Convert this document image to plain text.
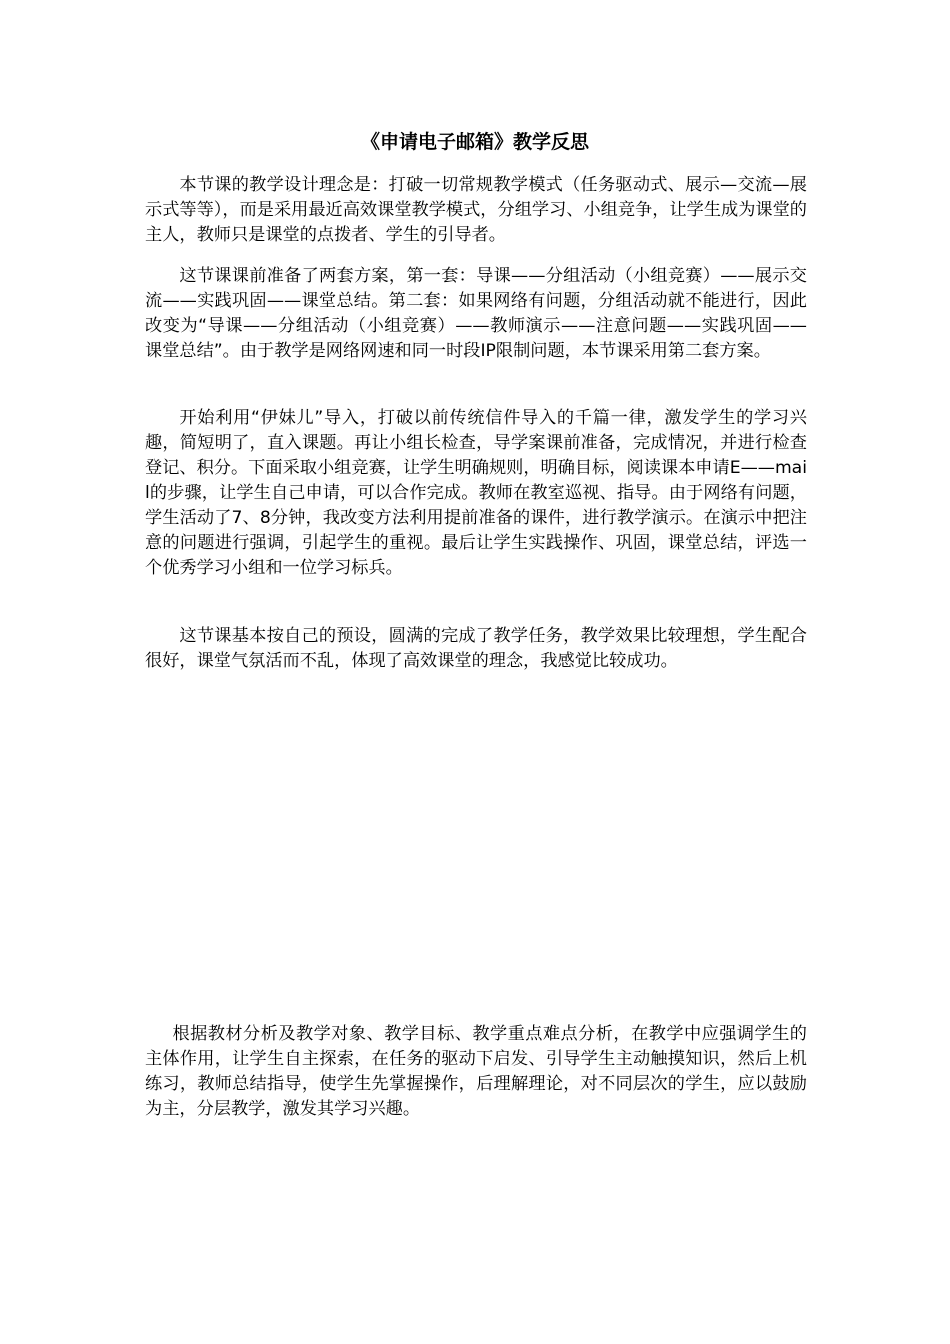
《申请电子邮箱》教学反思

本节课的教学设计理念是：打破一切常规教学模式（任务驱动式、展示—交流—展示式等等），而是采用最近高效课堂教学模式，分组学习、小组竞争，让学生成为课堂的主人，教师只是课堂的点拨者、学生的引导者。

这节课课前准备了两套方案，第一套：导课——分组活动（小组竞赛）——展示交流——实践巩固——课堂总结。第二套：如果网络有问题，分组活动就不能进行，因此改变为“导课——分组活动（小组竞赛）——教师演示——注意问题——实践巩固——课堂总结”。由于教学是网络网速和同一时段IP限制问题，本节课采用第二套方案。

开始利用“伊妹儿”导入，打破以前传统信件导入的千篇一律，激发学生的学习兴趣，简短明了，直入课题。再让小组长检查，导学案课前准备，完成情况，并进行检查登记、积分。下面采取小组竞赛，让学生明确规则，明确目标，阅读课本申请E——mail的步骤，让学生自己申请，可以合作完成。教师在教室巡视、指导。由于网络有问题，学生活动了7、8分钟，我改变方法利用提前准备的课件，进行教学演示。在演示中把注意的问题进行强调，引起学生的重视。最后让学生实践操作、巩固，课堂总结，评选一个优秀学习小组和一位学习标兵。

这节课基本按自己的预设，圆满的完成了教学任务，教学效果比较理想，学生配合很好，课堂气氛活而不乱，体现了高效课堂的理念，我感觉比较成功。

根据教材分析及教学对象、教学目标、教学重点难点分析，在教学中应强调学生的主体作用，让学生自主探索，在任务的驱动下启发、引导学生主动触摸知识，然后上机练习，教师总结指导，使学生先掌握操作，后理解理论，对不同层次的学生，应以鼓励为主，分层教学，激发其学习兴趣。
